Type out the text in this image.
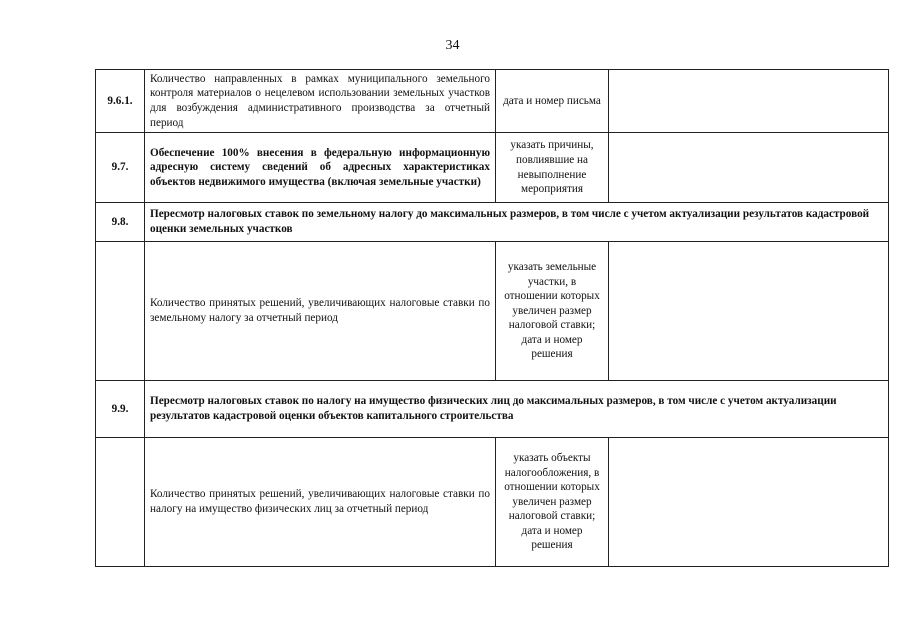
34
9.6.1.	Количество направленных в рамках муниципального земельного контроля материалов о нецелевом использовании земельных участков для возбуждения административного производства за отчетный период	дата и номер письма	
9.7.	Обеспечение 100% внесения в федеральную информационную адресную систему сведений об адресных характеристиках объектов недвижимого имущества (включая земельные участки)	указать причины, повлиявшие на невыполнение мероприятия	
9.8.	Пересмотр налоговых ставок по земельному налогу до максимальных размеров, в том числе с учетом актуализации результатов кадастровой оценки земельных участков		
	Количество принятых решений, увеличивающих налоговые ставки по земельному налогу за отчетный период	указать земельные участки, в отношении которых увеличен размер налоговой ставки; дата и номер решения	
9.9.	Пересмотр налоговых ставок по налогу на имущество физических лиц до максимальных размеров, в том числе с учетом актуализации результатов кадастровой оценки объектов капитального строительства		
	Количество принятых решений, увеличивающих налоговые ставки по налогу на имущество физических лиц за отчетный период	указать объекты налогообложения, в отношении которых увеличен размер налоговой ставки; дата и номер решения	
